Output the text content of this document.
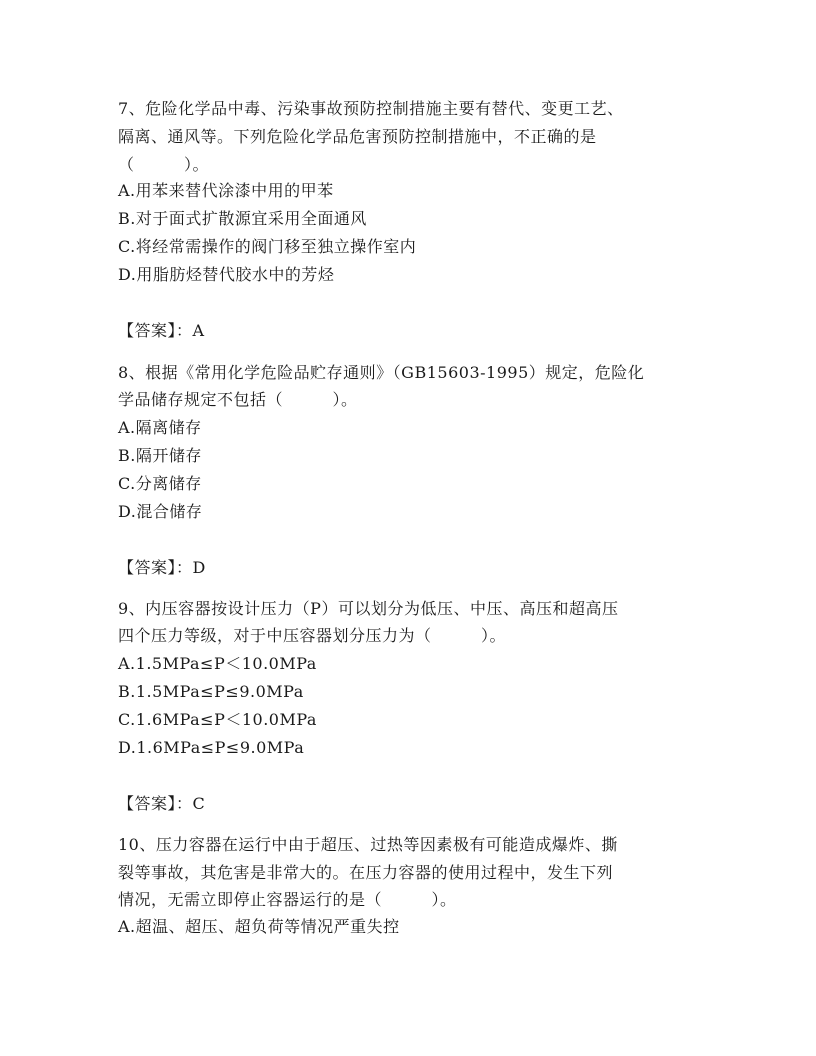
7、危险化学品中毒、污染事故预防控制措施主要有替代、变更工艺、
隔离、通风等。下列危险化学品危害预防控制措施中，不正确的是
（　　　）。
A.用苯来替代涂漆中用的甲苯
B.对于面式扩散源宜采用全面通风
C.将经常需操作的阀门移至独立操作室内
D.用脂肪烃替代胶水中的芳烃
【答案】：A
8、根据《常用化学危险品贮存通则》（GB15603-1995）规定，危险化
学品储存规定不包括（　　　）。
A.隔离储存
B.隔开储存
C.分离储存
D.混合储存
【答案】：D
9、内压容器按设计压力（P）可以划分为低压、中压、高压和超高压
四个压力等级，对于中压容器划分压力为（　　　）。
A.1.5MPa≤P＜10.0MPa
B.1.5MPa≤P≤9.0MPa
C.1.6MPa≤P＜10.0MPa
D.1.6MPa≤P≤9.0MPa
【答案】：C
10、压力容器在运行中由于超压、过热等因素极有可能造成爆炸、撕
裂等事故，其危害是非常大的。在压力容器的使用过程中，发生下列
情况，无需立即停止容器运行的是（　　　）。
A.超温、超压、超负荷等情况严重失控
